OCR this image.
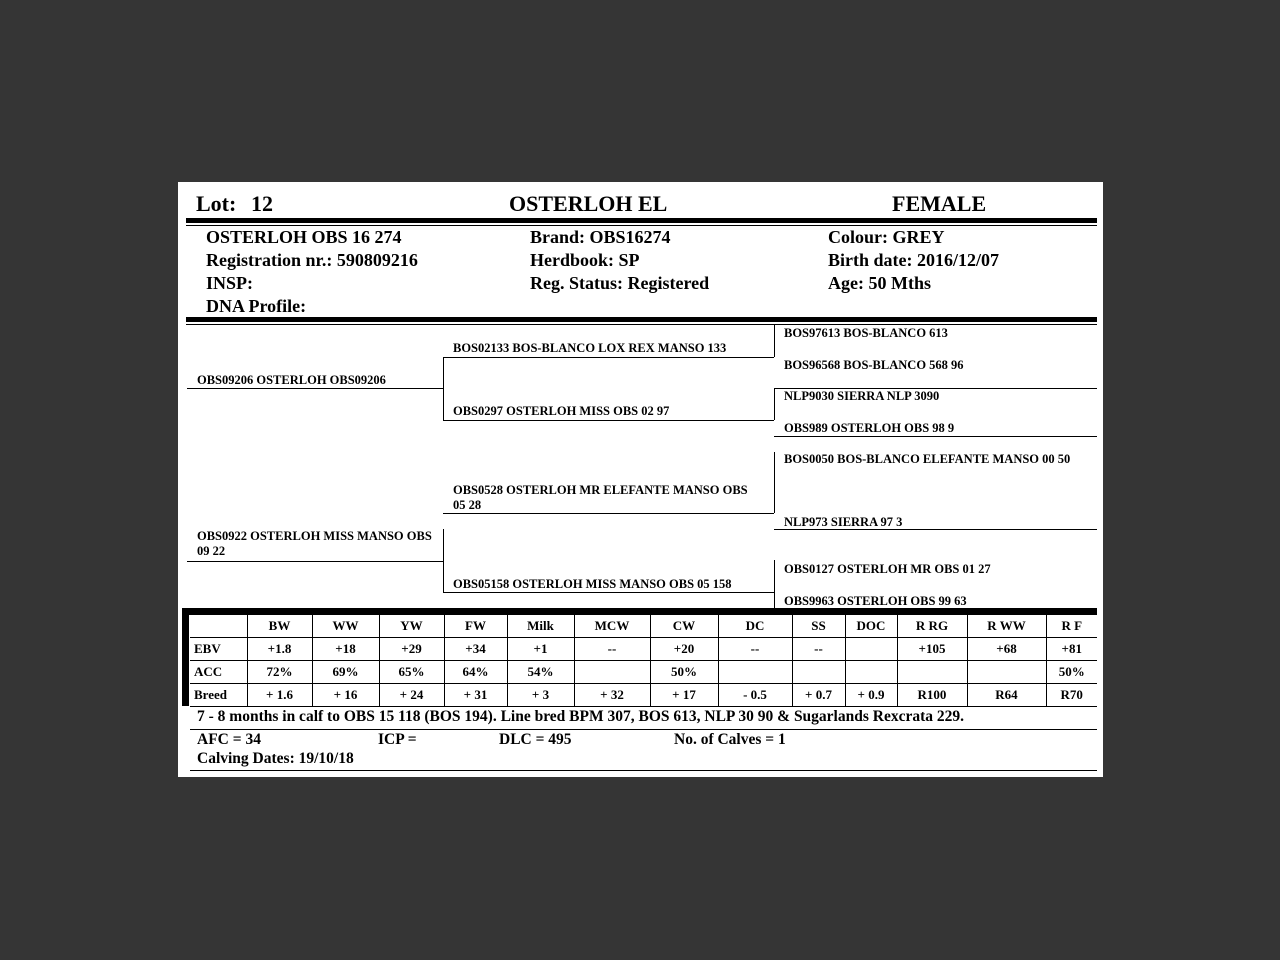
Lot: 12	OSTERLOH EL	FEMALE
OSTERLOH OBS 16 274
Registration nr.: 590809216
INSP:
DNA Profile:
Brand: OBS16274
Herdbook: SP
Reg. Status: Registered
Colour: GREY
Birth date: 2016/12/07
Age: 50 Mths
OBS09206 OSTERLOH OBS09206
OBS0922 OSTERLOH MISS MANSO OBS 09 22
BOS02133 BOS-BLANCO LOX REX MANSO 133
OBS0297 OSTERLOH MISS OBS 02 97
OBS0528 OSTERLOH MR ELEFANTE MANSO OBS 05 28
OBS05158 OSTERLOH MISS MANSO OBS 05 158
BOS97613 BOS-BLANCO 613
BOS96568 BOS-BLANCO 568 96
NLP9030 SIERRA NLP 3090
OBS989 OSTERLOH OBS 98 9
BOS0050 BOS-BLANCO ELEFANTE MANSO 00 50
NLP973 SIERRA 97 3
OBS0127 OSTERLOH MR OBS 01 27
OBS9963 OSTERLOH OBS 99 63
	BW	WW	YW	FW	Milk	MCW	CW	DC	SS	DOC	R RG	R WW	R F
EBV	+1.8	+18	+29	+34	+1	--	+20	--	--		+105	+68	+81
ACC	72%	69%	65%	64%	54%		50%						50%
Breed	+ 1.6	+ 16	+ 24	+ 31	+ 3	+ 32	+ 17	- 0.5	+ 0.7	+ 0.9	R100	R64	R70
7 - 8 months in calf to OBS 15 118 (BOS 194). Line bred BPM 307, BOS 613, NLP 30 90 & Sugarlands Rexcrata 229.
AFC = 34	ICP =	DLC = 495	No. of Calves = 1
Calving Dates: 19/10/18
